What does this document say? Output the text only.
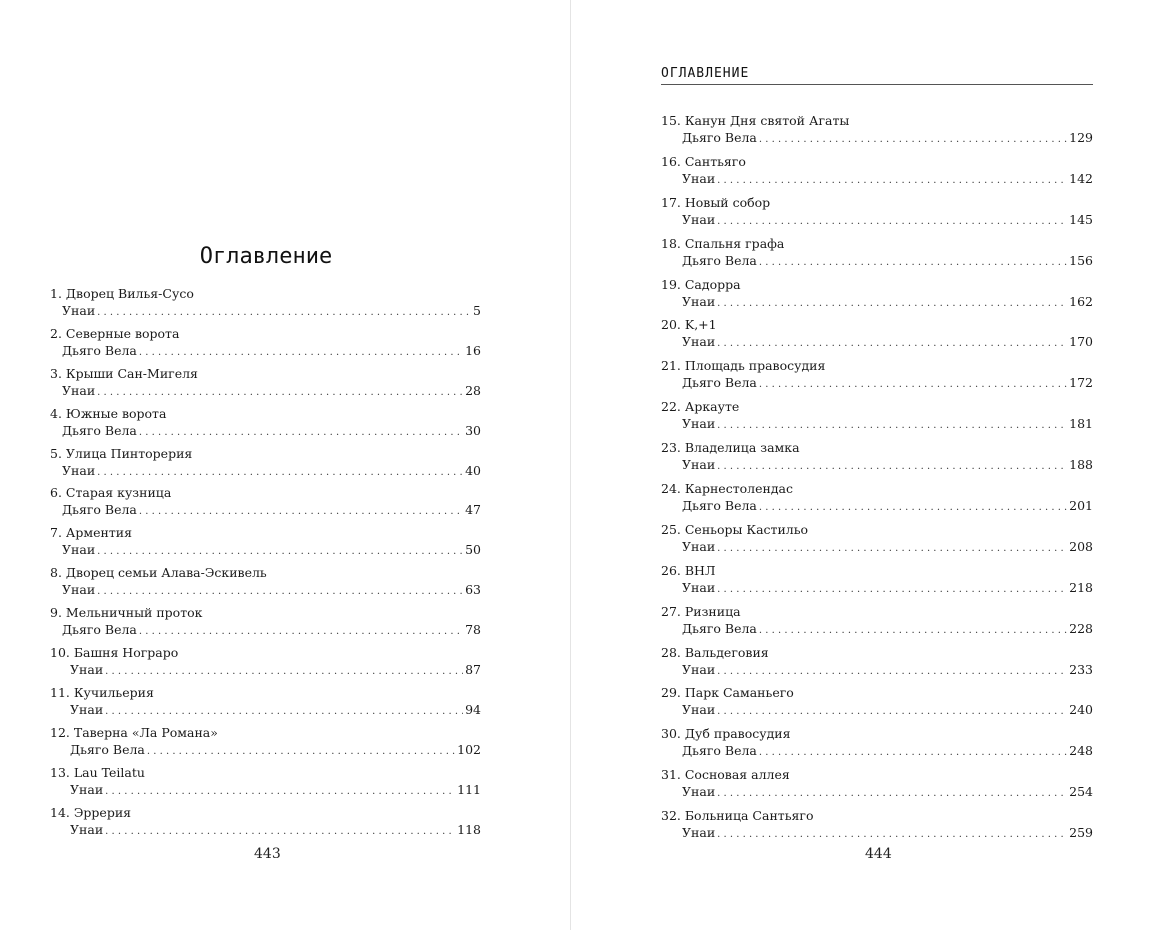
Оглавление
1. Дворец Вилья-Сусо
Унаи . . .	5
2. Северные ворота
Дьяго Вела . . .	16
3. Крыши Сан-Мигеля
Унаи . . .	28
4. Южные ворота
Дьяго Вела . . .	30
5. Улица Пинторерия
Унаи . . .	40
6. Старая кузница
Дьяго Вела . . .	47
7. Арментия
Унаи . . .	50
8. Дворец семьи Алава-Эскивель
Унаи . . .	63
9. Мельничный проток
Дьяго Вела . . .	78
10. Башня Нограро
Унаи . . .	87
11. Кучильерия
Унаи . . .	94
12. Таверна «Ла Романа»
Дьяго Вела . . .	102
13. Lau Teilatu
Унаи . . .	111
14. Эррерия
Унаи . . .	118
443
ОГЛАВЛЕНИЕ
15. Канун Дня святой Агаты
Дьяго Вела . . .	129
16. Сантьяго
Унаи . . .	142
17. Новый собор
Унаи . . .	145
18. Спальня графа
Дьяго Вела . . .	156
19. Садорра
Унаи . . .	162
20. K,+1
Унаи . . .	170
21. Площадь правосудия
Дьяго Вела . . .	172
22. Аркауте
Унаи . . .	181
23. Владелица замка
Унаи . . .	188
24. Карнестолендас
Дьяго Вела . . .	201
25. Сеньоры Кастильо
Унаи . . .	208
26. ВНЛ
Унаи . . .	218
27. Ризница
Дьяго Вела . . .	228
28. Вальдеговия
Унаи . . .	233
29. Парк Саманьего
Унаи . . .	240
30. Дуб правосудия
Дьяго Вела . . .	248
31. Сосновая аллея
Унаи . . .	254
32. Больница Сантьяго
Унаи . . .	259
444
